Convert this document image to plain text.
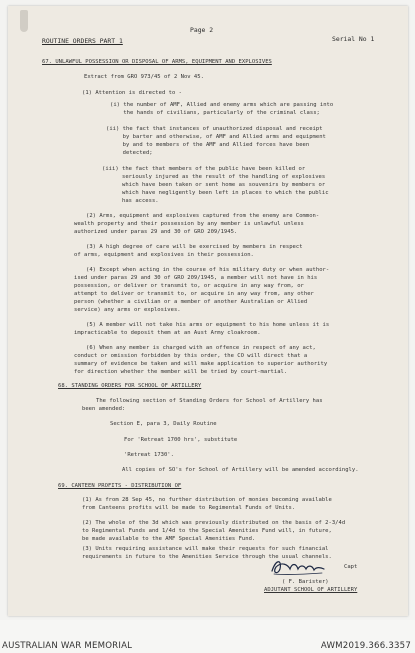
Page 2
ROUTINE ORDERS PART 1	Serial No 1
67. UNLAWFUL POSSESSION OR DISPOSAL OF ARMS, EQUIPMENT AND EXPLOSIVES
Extract from GRO 973/45 of 2 Nov 45.
(1) Attention is directed to -
(i) the number of AMF, Allied and enemy arms which are passing into
the hands of civilians, particularly of the criminal class;
(ii) the fact that instances of unauthorized disposal and receipt
by barter and otherwise, of AMF and Allied arms and equipment
by and to members of the AMF and Allied forces have been
detected;
(iii) the fact that members of the public have been killed or
seriously injured as the result of the handling of explosives
which have been taken or sent home as souvenirs by members or
which have negligently been left in places to which the public
has access.
(2) Arms, equipment and explosives captured from the enemy are Common-
wealth property and their possession by any member is unlawful unless
authorized under paras 29 and 30 of GRO 209/1945.
(3) A high degree of care will be exercised by members in respect
of arms, equipment and explosives in their possession.
(4) Except when acting in the course of his military duty or when author-
ised under paras 29 and 30 of GRO 209/1945, a member will not have in his
possession, or deliver or transmit to, or acquire in any way from, or
attempt to deliver or transmit to, or acquire in any way from, any other
person (whether a civilian or a member of another Australian or Allied
service) any arms or explosives.
(5) A member will not take his arms or equipment to his home unless it is
impracticable to deposit them at an Aust Army cloakroom.
(6) When any member is charged with an offence in respect of any act,
conduct or omission forbidden by this order, the CO will direct that a
summary of evidence be taken and will make application to superior authority
for direction whether the member will be tried by court-martial.
68. STANDING ORDERS FOR SCHOOL OF ARTILLERY
The following section of Standing Orders for School of Artillery has
been amended:
Section E, para 3, Daily Routine
For 'Retreat 1700 hrs', substitute
'Retreat 1730'.
All copies of SO's for School of Artillery will be amended accordingly.
69. CANTEEN PROFITS - DISTRIBUTION OF
(1) As from 28 Sep 45, no further distribution of monies becoming available
from Canteens profits will be made to Regimental Funds of Units.
(2) The whole of the 3d which was previously distributed on the basis of 2-3/4d
to Regimental Funds and 1/4d to the Special Amenities Fund will, in future,
be made available to the AMF Special Amenities Fund.
(3) Units requiring assistance will make their requests for such financial
requirements in future to the Amenities Service through the usual channels.
Capt
( F. Barister)
ADJUTANT SCHOOL OF ARTILLERY
AUSTRALIAN WAR MEMORIAL	AWM2019.366.3357
